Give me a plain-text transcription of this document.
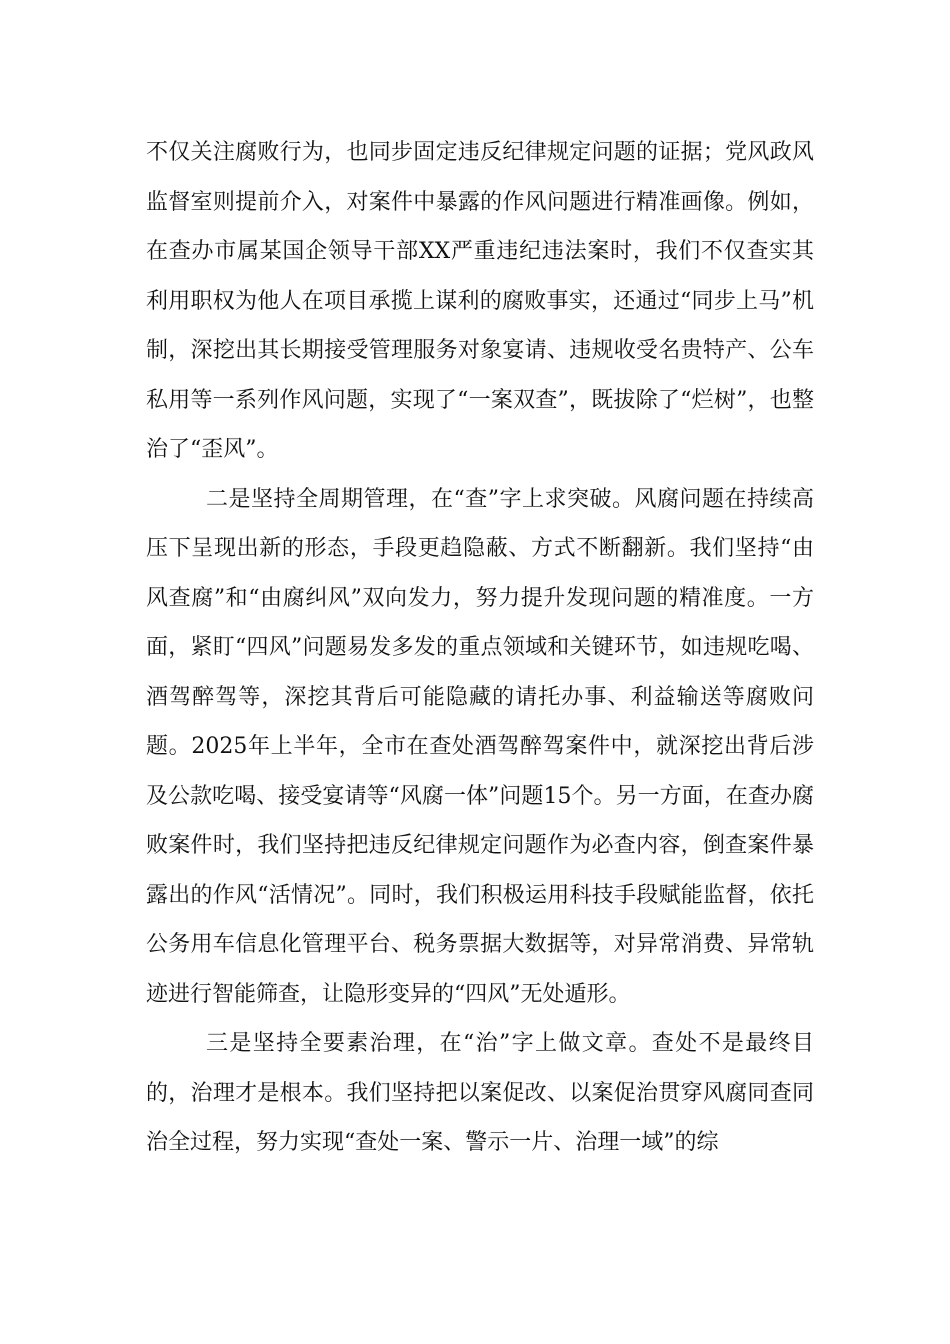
不仅关注腐败行为，也同步固定违反纪律规定问题的证据；党风政风监督室则提前介入，对案件中暴露的作风问题进行精准画像。例如，在查办市属某国企领导干部XX严重违纪违法案时，我们不仅查实其利用职权为他人在项目承揽上谋利的腐败事实，还通过“同步上马”机制，深挖出其长期接受管理服务对象宴请、违规收受名贵特产、公车私用等一系列作风问题，实现了“一案双查”，既拔除了“烂树”，也整治了“歪风”。

二是坚持全周期管理，在“查”字上求突破。风腐问题在持续高压下呈现出新的形态，手段更趋隐蔽、方式不断翻新。我们坚持“由风查腐”和“由腐纠风”双向发力，努力提升发现问题的精准度。一方面，紧盯“四风”问题易发多发的重点领域和关键环节，如违规吃喝、酒驾醉驾等，深挖其背后可能隐藏的请托办事、利益输送等腐败问题。2025年上半年，全市在查处酒驾醉驾案件中，就深挖出背后涉及公款吃喝、接受宴请等“风腐一体”问题15个。另一方面，在查办腐败案件时，我们坚持把违反纪律规定问题作为必查内容，倒查案件暴露出的作风“活情况”。同时，我们积极运用科技手段赋能监督，依托公务用车信息化管理平台、税务票据大数据等，对异常消费、异常轨迹进行智能筛查，让隐形变异的“四风”无处遁形。

三是坚持全要素治理，在“治”字上做文章。查处不是最终目的，治理才是根本。我们坚持把以案促改、以案促治贯穿风腐同查同治全过程，努力实现“查处一案、警示一片、治理一域”的综
